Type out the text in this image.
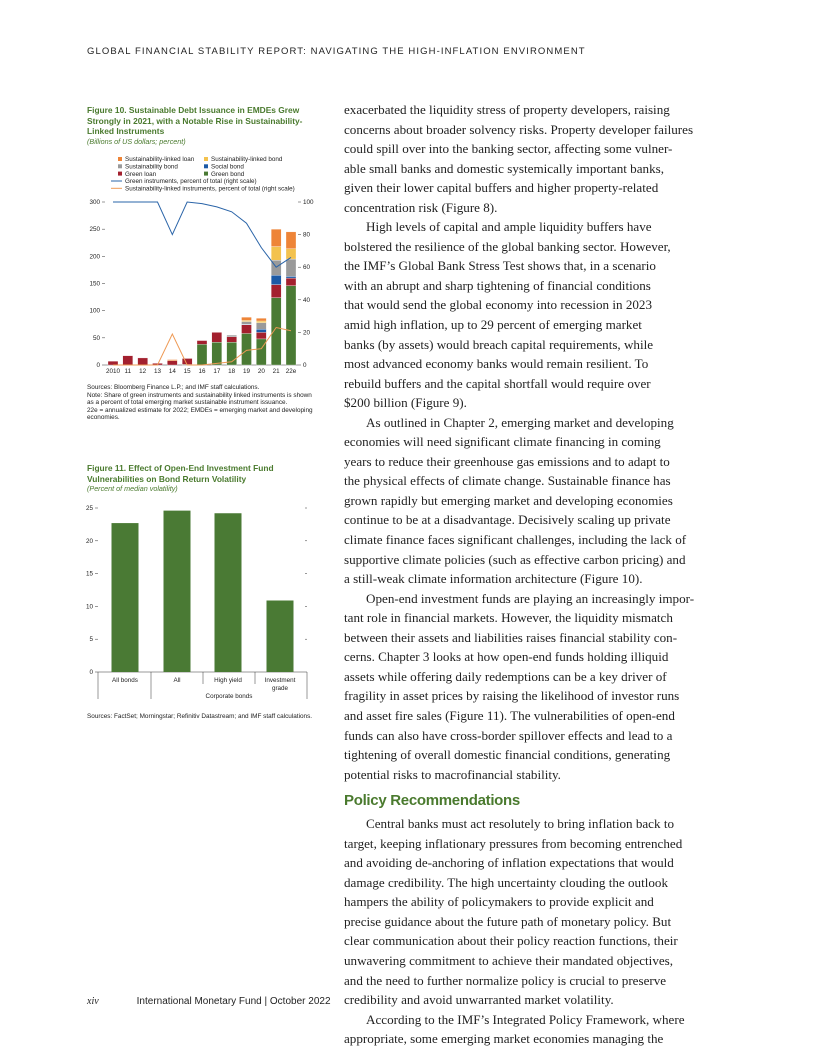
GLOBAL FINANCIAL STABILITY REPORT: NAVIGATING THE HIGH-INFLATION ENVIRONMENT
Figure 10. Sustainable Debt Issuance in EMDEs Grew Strongly in 2021, with a Notable Rise in Sustainability-Linked Instruments
(Billions of US dollars; percent)
Sources: Bloomberg Finance L.P.; and IMF staff calculations.
Note: Share of green instruments and sustainability linked instruments is shown
as a percent of total emerging market sustainable instrument issuance.
22e = annualized estimate for 2022; EMDEs = emerging market and developing
economies.
Figure 11. Effect of Open-End Investment Fund Vulnerabilities on Bond Return Volatility
(Percent of median volatility)
Sources: FactSet; Morningstar; Refinitiv Datastream; and IMF staff calculations.
Sustainability-linked loan	Sustainability-linked bond
Sustainability bond	Social bond
Green loan	Green bond
Green instruments, percent of total (right scale)
Sustainability-linked instruments, percent of total (right scale)
0
50
100
150
200
250
300
0
20
40
60
80
100
2010 11 12 13 14 15 16 17 18 19 20 21 22e
0
5
10
15
20
25
All bonds	All	High yield	Investment
grade
Corporate bonds
exacerbated the liquidity stress of property developers, raising
concerns about broader solvency risks. Property developer failures
could spill over into the banking sector, affecting some vulner-
able small banks and domestic systemically important banks,
given their lower capital buffers and higher property-related
concentration risk (Figure 8).
High levels of capital and ample liquidity buffers have
bolstered the resilience of the global banking sector. However,
the IMF’s Global Bank Stress Test shows that, in a scenario
with an abrupt and sharp tightening of financial conditions
that would send the global economy into recession in 2023
amid high inflation, up to 29 percent of emerging market
banks (by assets) would breach capital requirements, while
most advanced economy banks would remain resilient. To
rebuild buffers and the capital shortfall would require over
$200 billion (Figure 9).
As outlined in Chapter 2, emerging market and developing
economies will need significant climate financing in coming
years to reduce their greenhouse gas emissions and to adapt to
the physical effects of climate change. Sustainable finance has
grown rapidly but emerging market and developing economies
continue to be at a disadvantage. Decisively scaling up private
climate finance faces significant challenges, including the lack of
supportive climate policies (such as effective carbon pricing) and
a still-weak climate information architecture (Figure 10).
Open-end investment funds are playing an increasingly impor-
tant role in financial markets. However, the liquidity mismatch
between their assets and liabilities raises financial stability con-
cerns. Chapter 3 looks at how open-end funds holding illiquid
assets while offering daily redemptions can be a key driver of
fragility in asset prices by raising the likelihood of investor runs
and asset fire sales (Figure 11). The vulnerabilities of open-end
funds can also have cross-border spillover effects and lead to a
tightening of overall domestic financial conditions, generating
potential risks to macrofinancial stability.
Policy Recommendations
Central banks must act resolutely to bring inflation back to
target, keeping inflationary pressures from becoming entrenched
and avoiding de-anchoring of inflation expectations that would
damage credibility. The high uncertainty clouding the outlook
hampers the ability of policymakers to provide explicit and
precise guidance about the future path of monetary policy. But
clear communication about their policy reaction functions, their
unwavering commitment to achieve their mandated objectives,
and the need to further normalize policy is crucial to preserve
credibility and avoid unwarranted market volatility.
According to the IMF’s Integrated Policy Framework, where
appropriate, some emerging market economies managing the
xiv	International Monetary Fund | October 2022
